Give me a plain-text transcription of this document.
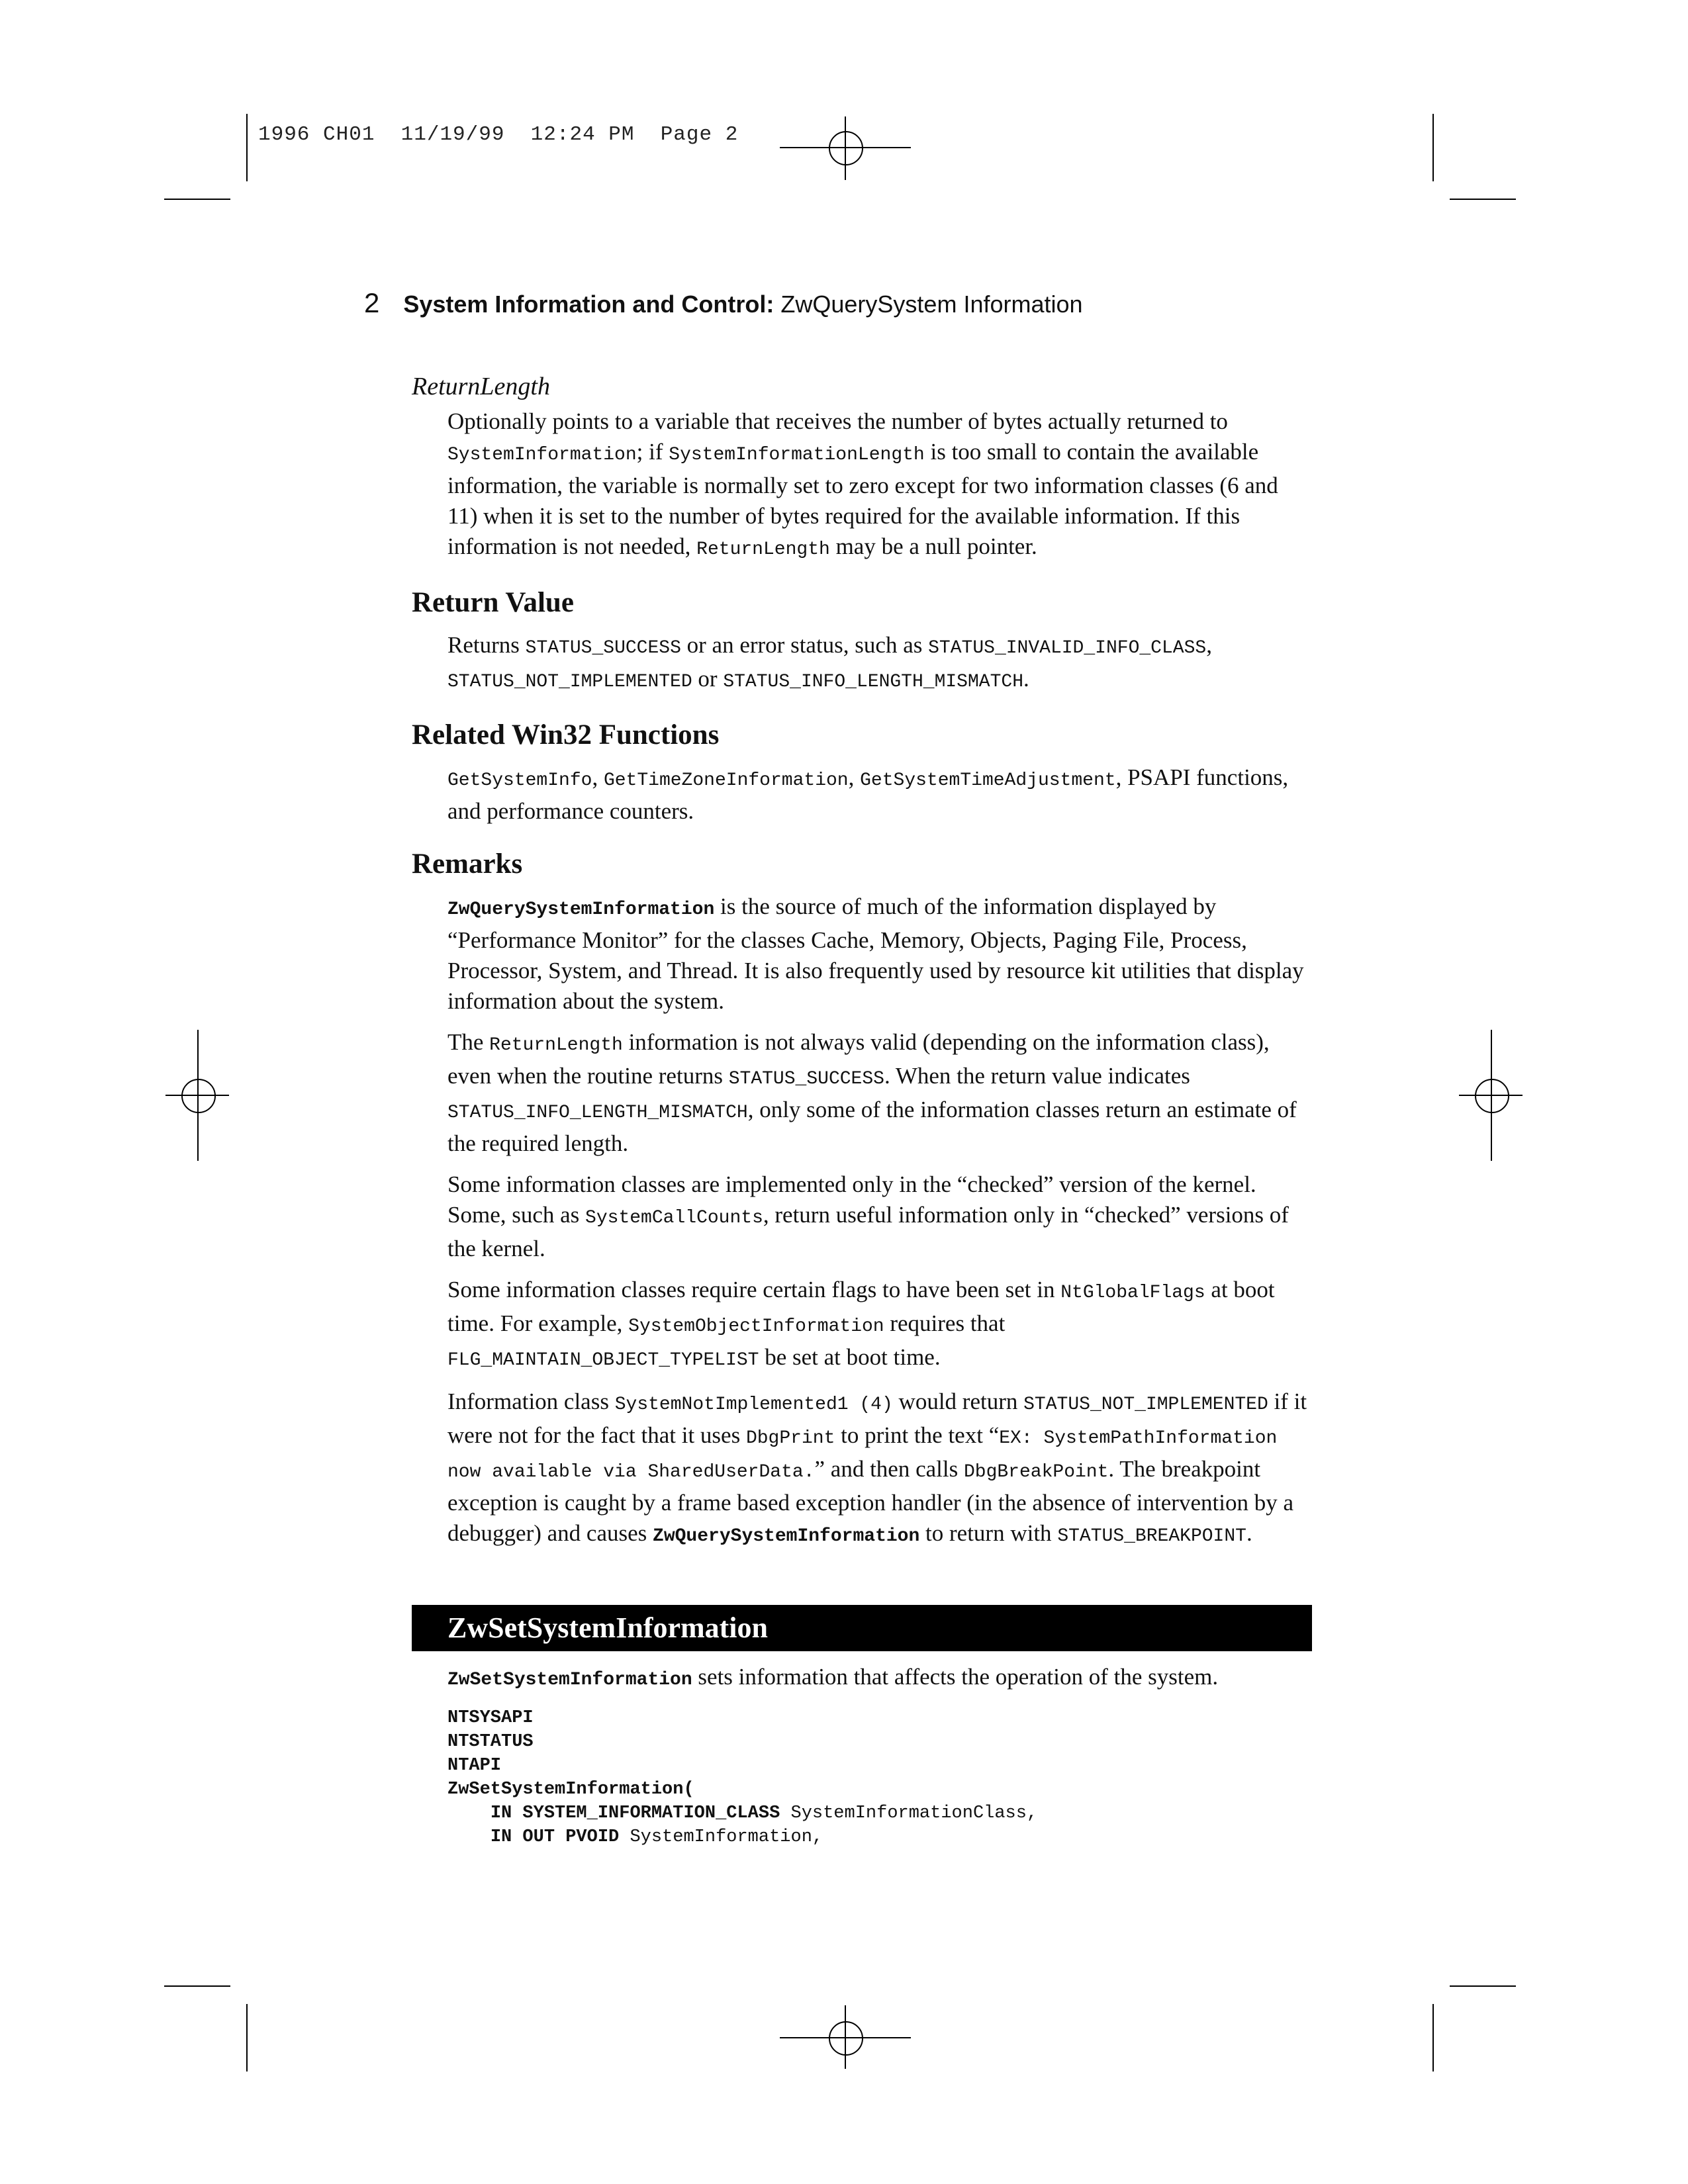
1996 CH01  11/19/99  12:24 PM  Page 2
2 System Information and Control: ZwQuerySystem Information
ReturnLength

Optionally points to a variable that receives the number of bytes actually returned to SystemInformation; if SystemInformationLength is too small to contain the available information, the variable is normally set to zero except for two information classes (6 and 11) when it is set to the number of bytes required for the available information. If this information is not needed, ReturnLength may be a null pointer.

Return Value

Returns STATUS_SUCCESS or an error status, such as STATUS_INVALID_INFO_CLASS, STATUS_NOT_IMPLEMENTED or STATUS_INFO_LENGTH_MISMATCH.

Related Win32 Functions

GetSystemInfo, GetTimeZoneInformation, GetSystemTimeAdjustment, PSAPI functions, and performance counters.

Remarks

ZwQuerySystemInformation is the source of much of the information displayed by “Performance Monitor” for the classes Cache, Memory, Objects, Paging File, Process, Processor, System, and Thread. It is also frequently used by resource kit utilities that display information about the system.

The ReturnLength information is not always valid (depending on the information class), even when the routine returns STATUS_SUCCESS. When the return value indicates STATUS_INFO_LENGTH_MISMATCH, only some of the information classes return an estimate of the required length.

Some information classes are implemented only in the “checked” version of the kernel. Some, such as SystemCallCounts, return useful information only in “checked” versions of the kernel.

Some information classes require certain flags to have been set in NtGlobalFlags at boot time. For example, SystemObjectInformation requires that FLG_MAINTAIN_OBJECT_TYPELIST be set at boot time.

Information class SystemNotImplemented1 (4) would return STATUS_NOT_IMPLEMENTED if it were not for the fact that it uses DbgPrint to print the text “EX: SystemPathInformation now available via SharedUserData.” and then calls DbgBreakPoint. The breakpoint exception is caught by a frame based exception handler (in the absence of intervention by a debugger) and causes ZwQuerySystemInformation to return with STATUS_BREAKPOINT.

ZwSetSystemInformation

ZwSetSystemInformation sets information that affects the operation of the system.

NTSYSAPI
NTSTATUS
NTAPI
ZwSetSystemInformation(
IN SYSTEM_INFORMATION_CLASS SystemInformationClass,
IN OUT PVOID SystemInformation,
